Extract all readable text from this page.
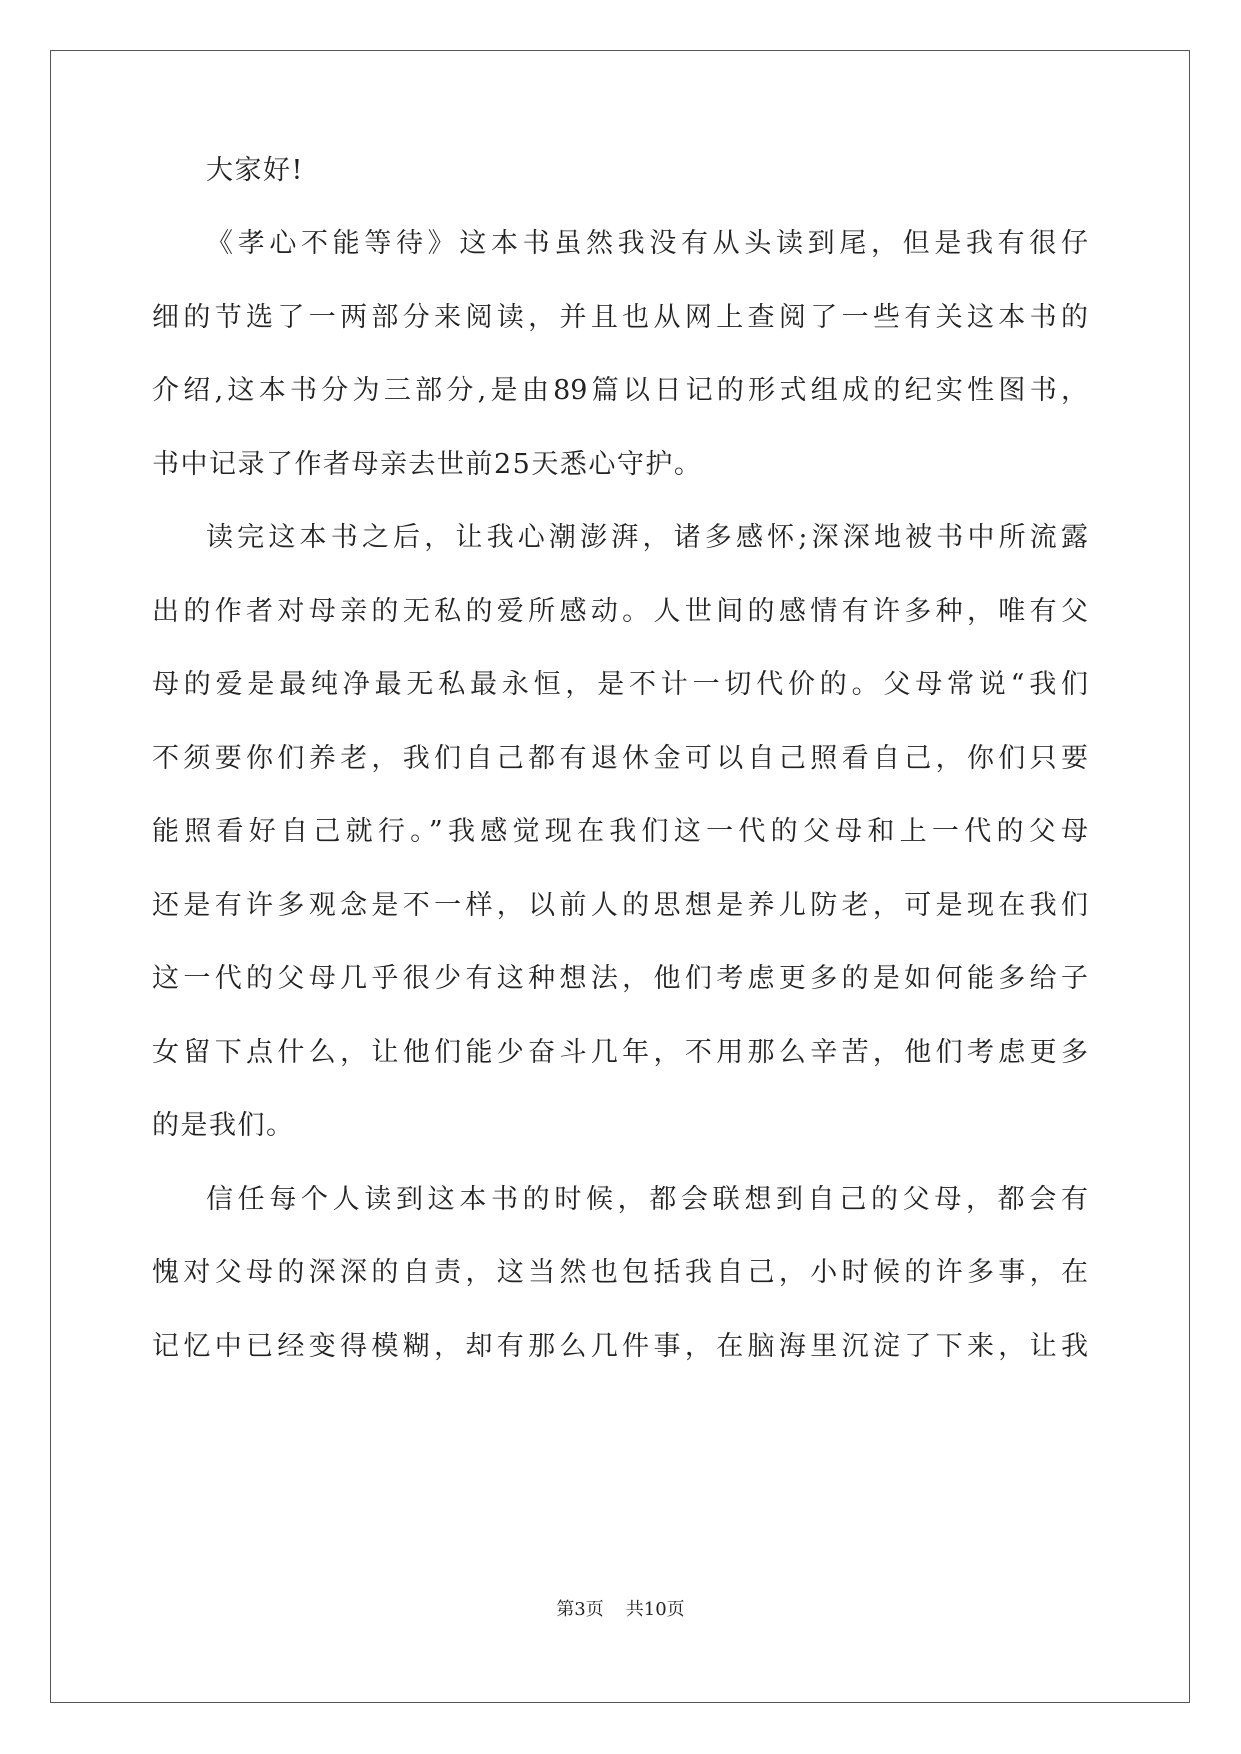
大家好!
《孝心不能等待》这本书虽然我没有从头读到尾，但是我有很仔
细的节选了一两部分来阅读，并且也从网上查阅了一些有关这本书的
介绍,这本书分为三部分,是由89篇以日记的形式组成的纪实性图书，
书中记录了作者母亲去世前25天悉心守护。
读完这本书之后，让我心潮澎湃，诸多感怀;深深地被书中所流露
出的作者对母亲的无私的爱所感动。人世间的感情有许多种，唯有父
母的爱是最纯净最无私最永恒，是不计一切代价的。父母常说“我们
不须要你们养老，我们自己都有退休金可以自己照看自己，你们只要
能照看好自己就行。”我感觉现在我们这一代的父母和上一代的父母
还是有许多观念是不一样，以前人的思想是养儿防老，可是现在我们
这一代的父母几乎很少有这种想法，他们考虑更多的是如何能多给子
女留下点什么，让他们能少奋斗几年，不用那么辛苦，他们考虑更多
的是我们。
信任每个人读到这本书的时候，都会联想到自己的父母，都会有
愧对父母的深深的自责，这当然也包括我自己，小时候的许多事，在
记忆中已经变得模糊，却有那么几件事，在脑海里沉淀了下来，让我
第3页 共10页
